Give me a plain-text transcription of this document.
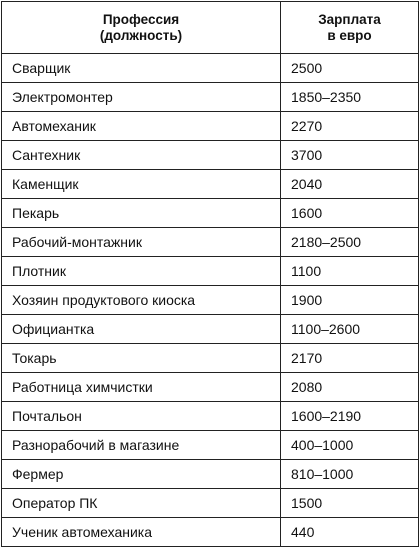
Профессия
(должность)	Зарплата
в евро

Сварщик	2500
Электромонтер	1850–2350
Автомеханик	2270
Сантехник	3700
Каменщик	2040
Пекарь	1600
Рабочий-монтажник	2180–2500
Плотник	1100
Хозяин продуктового киоска	1900
Официантка	1100–2600
Токарь	2170
Работница химчистки	2080
Почтальон	1600–2190
Разнорабочий в магазине	400–1000
Фермер	810–1000
Оператор ПК	1500
Ученик автомеханика	440
